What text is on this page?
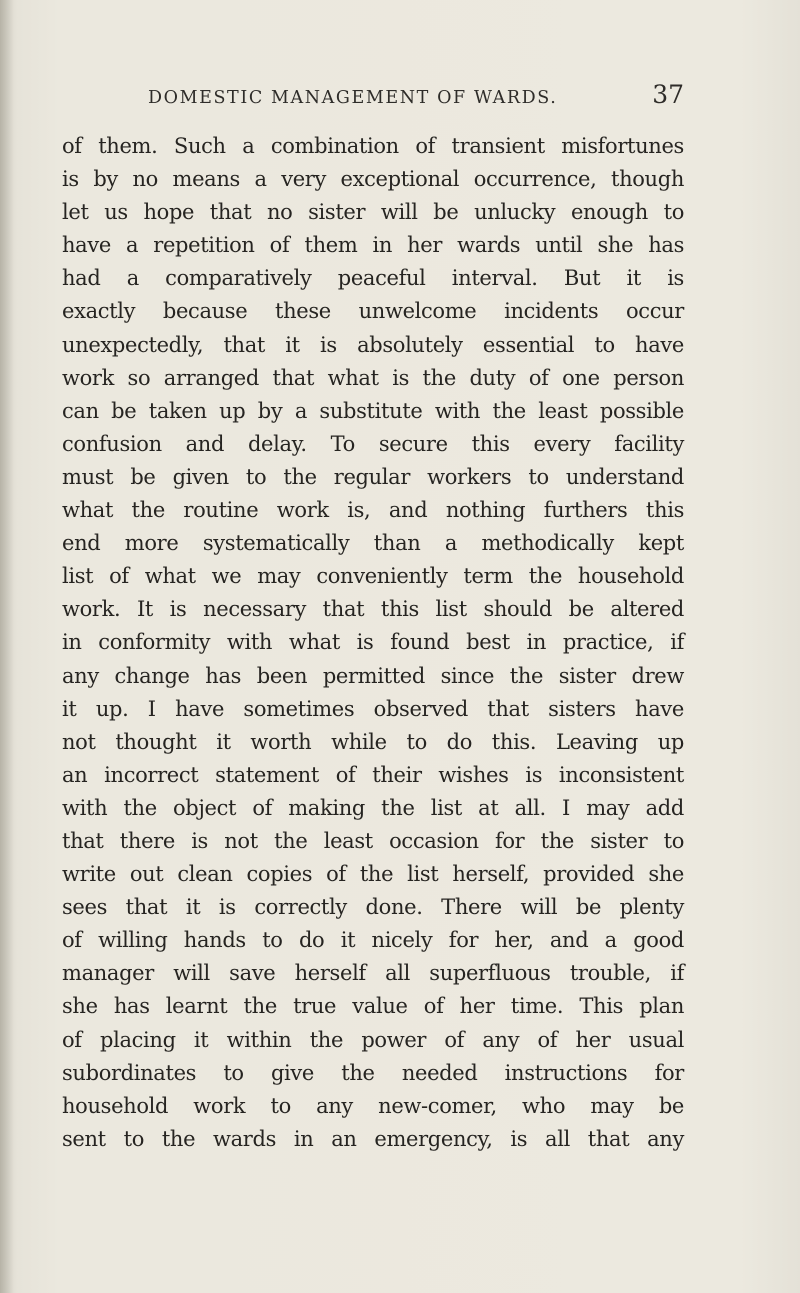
DOMESTIC MANAGEMENT OF WARDS.	37
of them. Such a combination of transient misfortunes
is by no means a very exceptional occurrence, though
let us hope that no sister will be unlucky enough to
have a repetition of them in her wards until she has
had a comparatively peaceful interval. But it is
exactly because these unwelcome incidents occur
unexpectedly, that it is absolutely essential to have
work so arranged that what is the duty of one person
can be taken up by a substitute with the least possible
confusion and delay. To secure this every facility
must be given to the regular workers to understand
what the routine work is, and nothing furthers this
end more systematically than a methodically kept
list of what we may conveniently term the household
work. It is necessary that this list should be altered
in conformity with what is found best in practice, if
any change has been permitted since the sister drew
it up. I have sometimes observed that sisters have
not thought it worth while to do this. Leaving up
an incorrect statement of their wishes is inconsistent
with the object of making the list at all. I may add
that there is not the least occasion for the sister to
write out clean copies of the list herself, provided she
sees that it is correctly done. There will be plenty
of willing hands to do it nicely for her, and a good
manager will save herself all superfluous trouble, if
she has learnt the true value of her time. This plan
of placing it within the power of any of her usual
subordinates to give the needed instructions for
household work to any new-comer, who may be
sent to the wards in an emergency, is all that any
